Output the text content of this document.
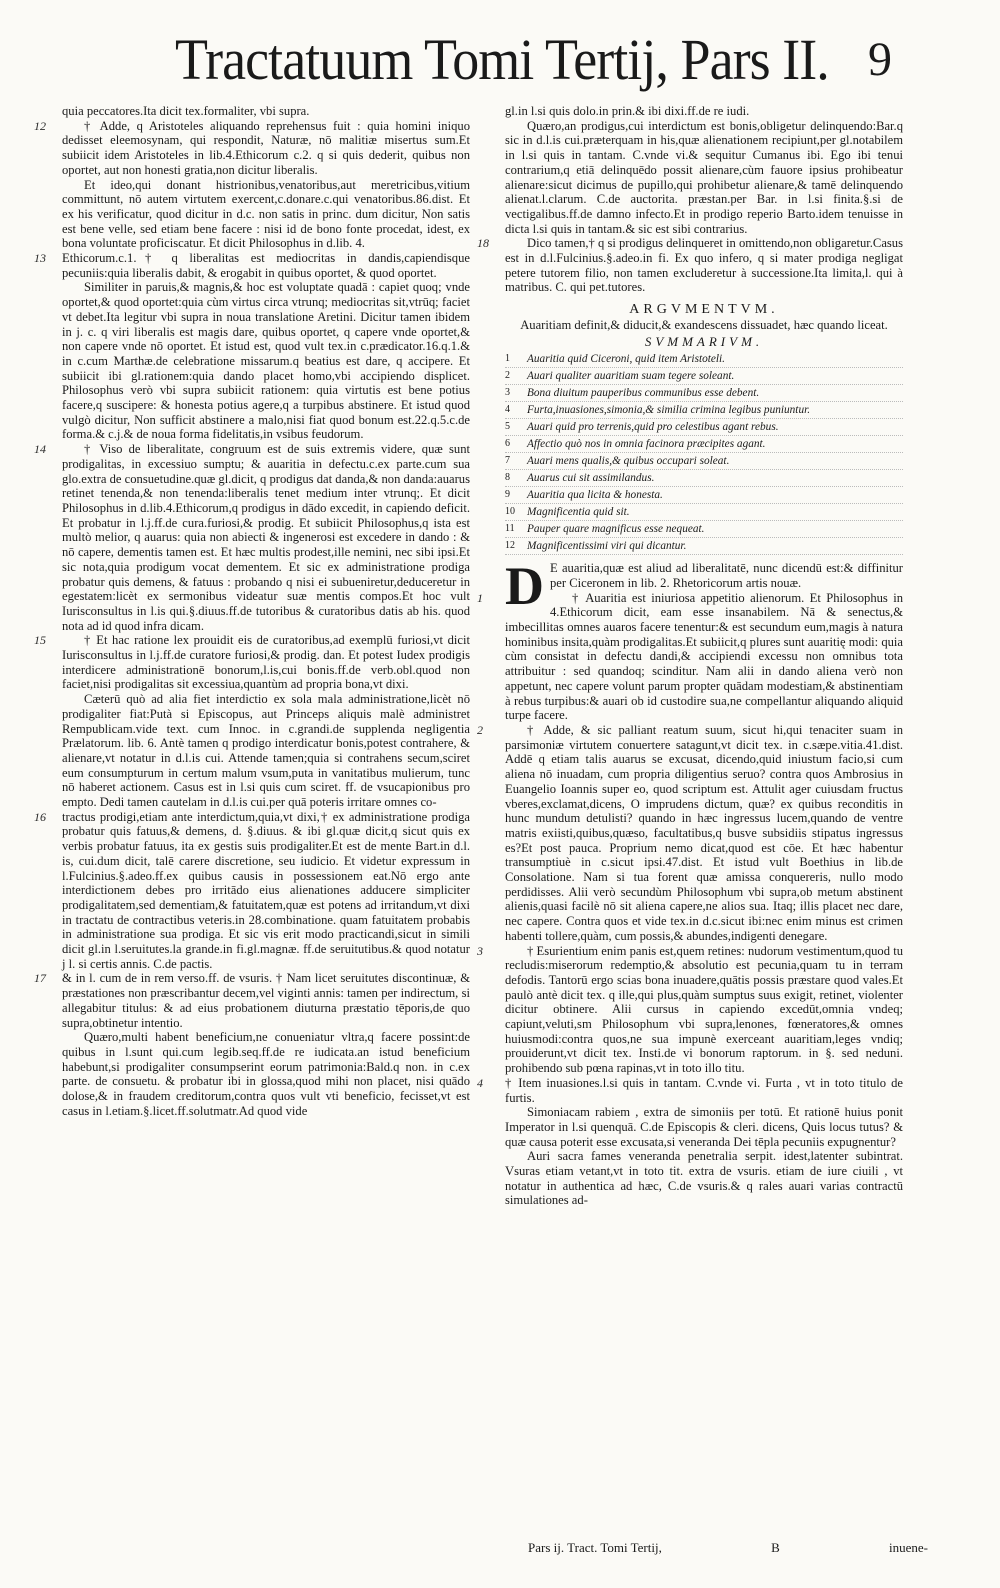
Tractatuum Tomi Tertij, Pars II. 9

quia peccatores.Ita dicit tex.formaliter, vbi supra.

12	† Adde, q Aristoteles aliquando reprehensus fuit : quia homini iniquo dedisset eleemosynam, qui respondit, Naturæ, nō malitiæ misertus sum.Et subiicit idem Aristoteles in lib.4.Ethicorum c.2. q si quis dederit, quibus non oportet, aut non honesti gratia,non dicitur liberalis.

Et ideo,qui donant histrionibus,venatoribus,aut meretricibus,vitium committunt, nō autem virtutem exercent,c.donare.c.qui venatoribus.86.dist. Et ex his verificatur, quod dicitur in d.c. non satis in princ. dum dicitur, Non satis est bene velle, sed etiam bene facere : nisi id de bono fonte procedat, idest, ex bona voluntate proficiscatur. Et dicit Philosophus in d.lib. 4.

13 Ethicorum.c.1.† q liberalitas est mediocritas in dandis,capiendisque pecuniis:quia liberalis dabit, & erogabit in quibus oportet, & quod oportet.

Similiter in paruis,& magnis,& hoc est voluptate quadā : capiet quoq; vnde oportet,& quod oportet:quia cùm virtus circa vtrunq; mediocritas sit,vtrūq; faciet vt debet.Ita legitur vbi supra in noua translatione Aretini. Dicitur tamen ibidem in j. c. q viri liberalis est magis dare, quibus oportet, q capere vnde oportet,& non capere vnde nō oportet. Et istud est, quod vult tex.in c.prædicator.16.q.1.& in c.cum Marthæ.de celebratione missarum.q beatius est dare, q accipere. Et subiicit ibi gl.rationem:quia dando placet homo,vbi accipiendo displicet. Philosophus verò vbi supra subiicit rationem: quia virtutis est bene potius facere,q suscipere: & honesta potius agere,q a turpibus abstinere. Et istud quod vulgò dicitur, Non sufficit abstinere a malo,nisi fiat quod bonum est.22.q.5.c.de forma.& c.j.& de noua forma fidelitatis,in vsibus feudorum.

14	† Viso de liberalitate, congruum est de suis extremis videre, quæ sunt prodigalitas, in excessiuo sumptu; & auaritia in defectu.c.ex parte.cum sua glo.extra de consuetudine.quæ gl.dicit, q prodigus dat danda,& non danda:auarus retinet tenenda,& non tenenda:liberalis tenet medium inter vtrunq;. Et dicit Philosophus in d.lib.4.Ethicorum,q prodigus in dādo excedit, in capiendo deficit. Et probatur in l.j.ff.de cura.furiosi,& prodig. Et subiicit Philosophus,q ista est multò melior, q auarus: quia non abiecti & ingenerosi est excedere in dando : & nō capere, dementis tamen est. Et hæc multis prodest,ille nemini, nec sibi ipsi.Et sic nota,quia prodigum vocat dementem. Et sic ex administratione prodiga probatur quis demens, & fatuus : probando q nisi ei subueniretur,deduceretur in egestatem:licèt ex sermonibus videatur suæ mentis compos.Et hoc vult Iurisconsultus in l.is qui.§.diuus.ff.de tutoribus & curatoribus datis ab his. quod nota ad id quod infra dicam.

15	† Et hac ratione lex prouidit eis de curatoribus,ad exemplū furiosi,vt dicit Iurisconsultus in l.j.ff.de curatore furiosi,& prodig. dan. Et potest Iudex prodigis interdicere administrationē bonorum,l.is,cui bonis.ff.de verb.obl.quod non faciet,nisi prodigalitas sit excessiua,quantùm ad propria bona,vt dixi.

Cæterū quò ad alia fiet interdictio ex sola mala administratione,licèt nō prodigaliter fiat:Putà si Episcopus, aut Princeps aliquis malè administret Rempublicam.vide text. cum Innoc. in c.grandi.de supplenda negligentia Prælatorum. lib. 6. Antè tamen q prodigo interdicatur bonis,potest contrahere, & alienare,vt notatur in d.l.is cui. Attende tamen;quia si contrahens secum,sciret eum consumpturum in certum malum vsum,puta in vanitatibus mulierum, tunc nō haberet actionem. Casus est in l.si quis cum sciret. ff. de vsucapionibus pro empto. Dedi tamen cautelam in d.l.is cui.per quā poteris irritare omnes co-

16 tractus prodigi,etiam ante interdictum,quia,vt dixi,† ex administratione prodiga probatur quis fatuus,& demens, d. §.diuus. & ibi gl.quæ dicit,q sicut quis ex verbis probatur fatuus, ita ex gestis suis prodigaliter.Et est de mente Bart.in d.l. is, cui.dum dicit, talē carere discretione, seu iudicio. Et videtur expressum in l.Fulcinius.§.adeo.ff.ex quibus causis in possessionem eat.Nō ergo ante interdictionem debes pro irritādo eius alienationes adducere simpliciter prodigalitatem,sed dementiam,& fatuitatem,quæ est potens ad irritandum,vt dixi in tractatu de contractibus veteris.in 28.combinatione. quam fatuitatem probabis in administratione sua prodiga. Et sic vis erit modo practicandi,sicut in simili dicit gl.in l.seruitutes.la grande.in fi.gl.magnæ. ff.de seruitutibus.& quod notatur j l. si certis annis. C.de pactis.

17 & in l. cum de in rem verso.ff. de vsuris. † Nam licet seruitutes discontinuæ, & præstationes non præscribantur decem,vel viginti annis: tamen per indirectum, si allegabitur titulus: & ad eius probationem diuturna præstatio tēporis,de quo supra,obtinetur intentio.

Quæro,multi habent beneficium,ne conueniatur vltra,q facere possint:de quibus in l.sunt qui.cum legib.seq.ff.de re iudicata.an istud beneficium habebunt,si prodigaliter consumpserint eorum patrimonia:Bald.q non. in c.ex parte. de consuetu. & probatur ibi in glossa,quod mihi non placet, nisi quādo dolose,& in fraudem creditorum,contra quos vult vti beneficio, fecisset,vt est casus in l.etiam.§.licet.ff.solutmatr.Ad quod vide

gl.in l.si quis dolo.in prin.& ibi dixi.ff.de re iudi.

Quæro,an prodigus,cui interdictum est bonis,obligetur delinquendo:Bar.q sic in d.l.is cui.præterquam in his,quæ alienationem recipiunt,per gl.notabilem in l.si quis in tantam. C.vnde vi.& sequitur Cumanus ibi. Ego ibi tenui contrarium,q etiā delinquēdo possit alienare,cùm fauore ipsius prohibeatur alienare:sicut dicimus de pupillo,qui prohibetur alienare,& tamē delinquendo alienat.l.clarum. C.de auctorita. præstan.per Bar. in l.si finita.§.si de vectigalibus.ff.de damno infecto.Et in prodigo reperio Barto.idem tenuisse in dicta l.si quis in tantam.& sic est sibi contrarius.

18	Dico tamen,† q si prodigus delinqueret in omittendo,non obligaretur.Casus est in d.l.Fulcinius.§.adeo.in fi. Ex quo infero, q si mater prodiga negligat petere tutorem filio, non tamen excluderetur à successione.Ita limita,l. qui à matribus. C. qui pet.tutores.

ARGVMENTVM.
Auaritiam definit,& diducit,& exandescens dissuadet, hæc quando liceat.
SVMMARIVM.
1	Auaritia quid Ciceroni, quid item Aristoteli.
2	Auari qualiter auaritiam suam tegere soleant.
3	Bona diuitum pauperibus communibus esse debent.
4	Furta,inuasiones,simonia,& similia crimina legibus puniuntur.
5	Auari quid pro terrenis,quid pro celestibus agant rebus.
6	Affectio quò nos in omnia facinora præcipites agant.
7	Auari mens qualis,& quibus occupari soleat.
8	Auarus cui sit assimilandus.
9	Auaritia qua licita & honesta.
10	Magnificentia quid sit.
11	Pauper quare magnificus esse nequeat.
12	Magnificentissimi viri qui dicantur.
D E auaritia,quæ est aliud ad liberalitatē, nunc dicendū est:& diffinitur per Ciceronem in lib. 2. Rhetoricorum artis nouæ.

1	† Auaritia est iniuriosa appetitio alienorum. Et Philosophus in 4.Ethicorum dicit, eam esse insanabilem. Nā & senectus,& imbecillitas omnes auaros facere tenentur:& est secundum eum,magis à natura hominibus insita,quàm prodigalitas.Et subiicit,q plures sunt auaritię modi: quia cùm consistat in defectu dandi,& accipiendi excessu non omnibus tota attribuitur : sed quandoq; scinditur. Nam alii in dando aliena verò non appetunt, nec capere volunt parum propter quādam modestiam,& abstinentiam à rebus turpibus:& auari ob id custodire sua,ne compellantur aliquando aliquid turpe facere.

2	† Adde, & sic palliant reatum suum, sicut hi,qui tenaciter suam in parsimoniæ virtutem conuertere satagunt,vt dicit tex. in c.sæpe.vitia.41.dist. Addē q etiam talis auarus se excusat, dicendo,quid iniustum facio,si cum aliena nō inuadam, cum propria diligentius seruo? contra quos Ambrosius in Euangelio Ioannis super eo, quod scriptum est. Attulit ager cuiusdam fructus vberes,exclamat,dicens, O imprudens dictum, quæ? ex quibus reconditis in hunc mundum detulisti? quando in hæc ingressus lucem,quando de ventre matris exiisti,quibus,quæso, facultatibus,q busve subsidiis stipatus ingressus es?Et post pauca. Proprium nemo dicat,quod est cōe. Et hæc habentur transumptiuè in c.sicut ipsi.47.dist. Et istud vult Boethius in lib.de Consolatione. Nam si tua forent quæ amissa conquereris, nullo modo perdidisses. Alii verò secundùm Philosophum vbi supra,ob metum abstinent alienis,quasi facilè nō sit aliena capere,ne alios sua. Itaq; illis placet nec dare, nec capere. Contra quos et vide tex.in d.c.sicut ibi:nec enim minus est crimen habenti tollere,quàm, cum possis,& abundes,indigenti denegare.

3	† Esurientium enim panis est,quem retines: nudorum vestimentum,quod tu recludis:miserorum redemptio,& absolutio est pecunia,quam tu in terram defodis. Tantorū ergo scias bona inuadere,quātis possis præstare quod vales.Et paulò antè dicit tex. q ille,qui plus,quàm sumptus suus exigit, retinet, violenter dicitur obtinere. Alii cursus in capiendo excedūt,omnia vndeq; capiunt,veluti,sm Philosophum vbi supra,lenones, fœneratores,& omnes huiusmodi:contra quos,ne sua impunè exerceant auaritiam,leges vndiq; prouiderunt,vt dicit tex. Insti.de vi bonorum raptorum. in §. sed neduni. prohibendo sub pœna rapinas,vt in toto illo titu.

4 † Item inuasiones.l.si quis in tantam. C.vnde vi. Furta , vt in toto titulo de furtis.

Simoniacam rabiem , extra de simoniis per totū. Et rationē huius ponit Imperator in l.si quenquā. C.de Episcopis & cleri. dicens, Quis locus tutus? & quæ causa poterit esse excusata,si veneranda Dei tēpla pecuniis expugnentur?

Auri sacra fames veneranda penetralia serpit. idest,latenter subintrat. Vsuras etiam vetant,vt in toto tit. extra de vsuris. etiam de iure ciuili , vt notatur in authentica ad hæc, C.de vsuris.& q rales auari varias contractū simulationes ad-

Pars ij. Tract. Tomi Tertij,	B	inuene-
